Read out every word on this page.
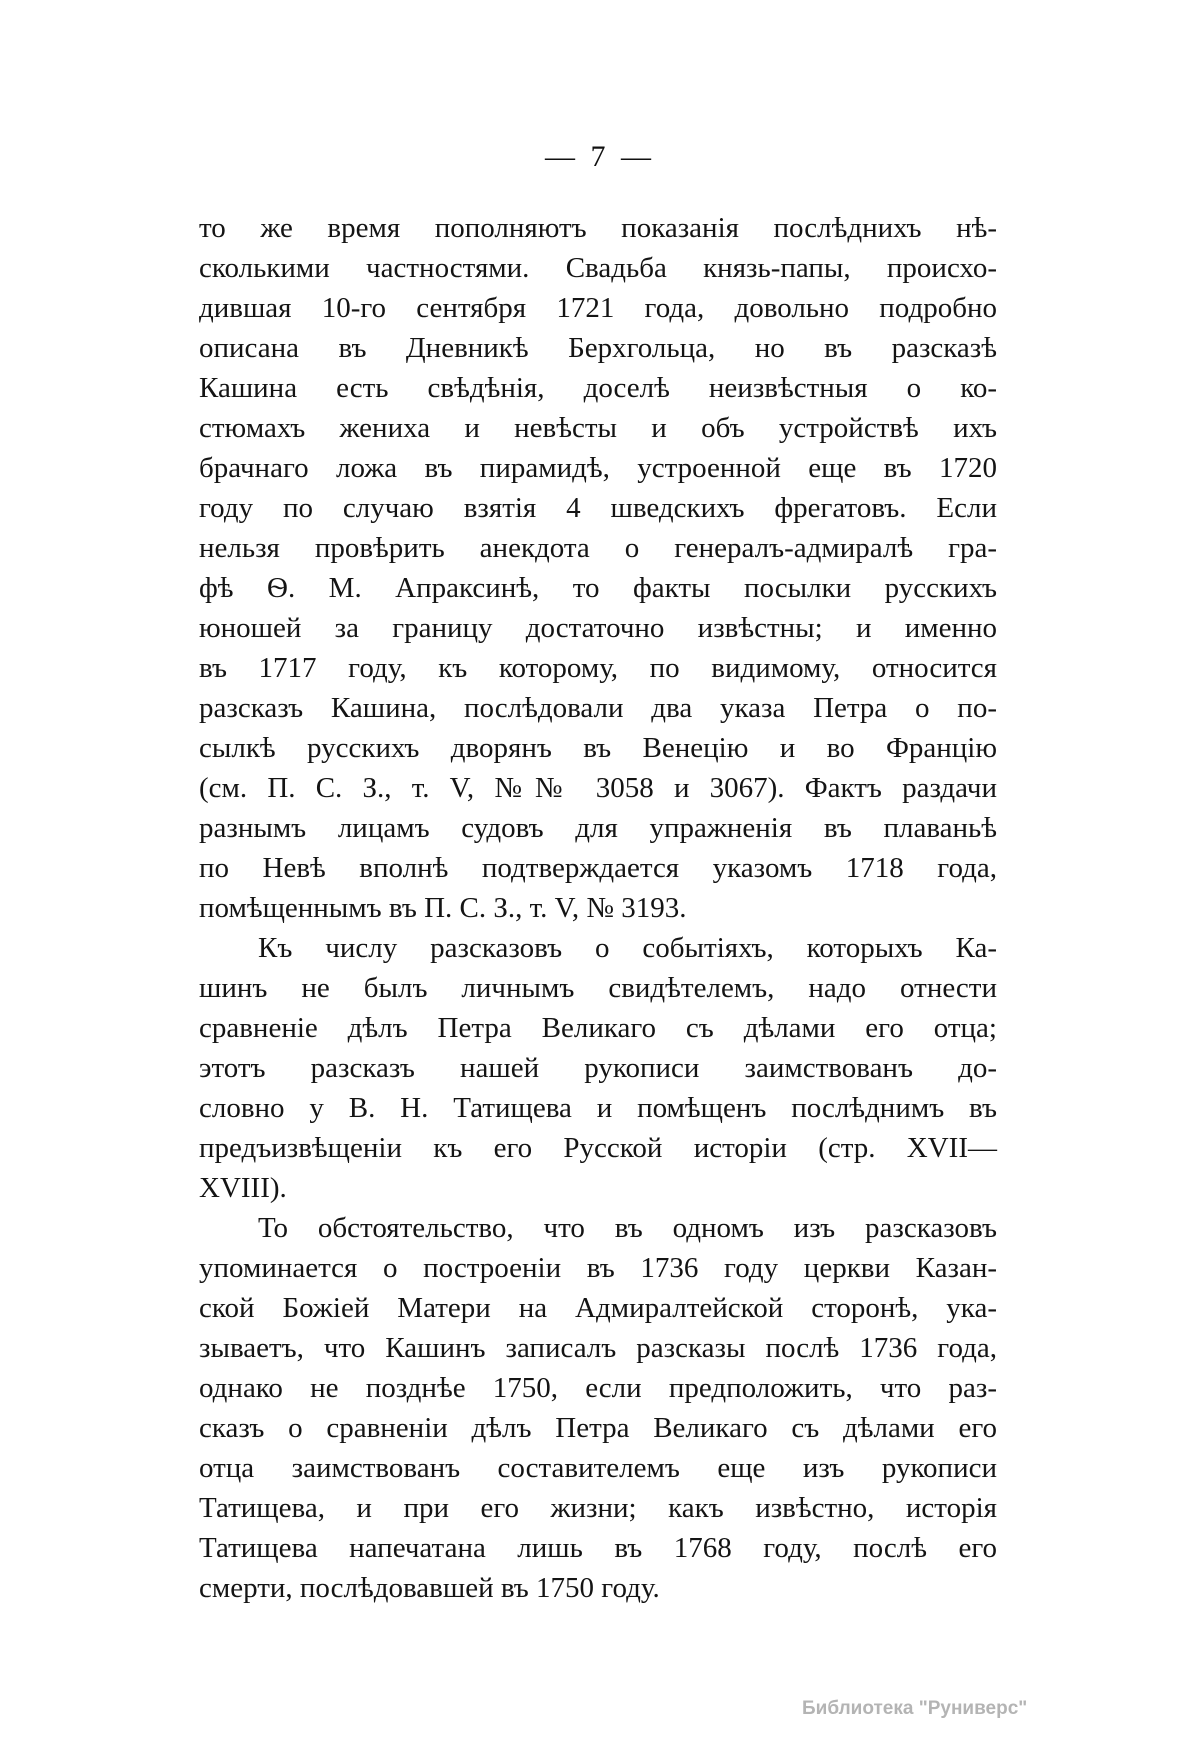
— 7 —
то же время пополняютъ показанія послѣднихъ нѣ-
сколькими частностями. Свадьба князь-папы, происхо-
дившая 10-го сентября 1721 года, довольно подробно
описана въ Дневникѣ Берхгольца, но въ разсказѣ
Кашина есть свѣдѣнія, доселѣ неизвѣстныя о ко-
стюмахъ жениха и невѣсты и объ устройствѣ ихъ
брачнаго ложа въ пирамидѣ, устроенной еще въ 1720
году по случаю взятія 4 шведскихъ фрегатовъ. Если
нельзя провѣрить анекдота о генералъ-адмиралѣ гра-
фѣ Ѳ. М. Апраксинѣ, то факты посылки русскихъ
юношей за границу достаточно извѣстны; и именно
въ 1717 году, къ которому, по видимому, относится
разсказъ Кашина, послѣдовали два указа Петра о по-
сылкѣ русскихъ дворянъ въ Венецію и во Францію
(см. П. С. З., т. V, №№ 3058 и 3067). Фактъ раздачи
разнымъ лицамъ судовъ для упражненія въ плаваньѣ
по Невѣ вполнѣ подтверждается указомъ 1718 года,
помѣщеннымъ въ П. С. З., т. V, № 3193.
Къ числу разсказовъ о событіяхъ, которыхъ Ка-
шинъ не былъ личнымъ свидѣтелемъ, надо отнести
сравненіе дѣлъ Петра Великаго съ дѣлами его отца;
этотъ разсказъ нашей рукописи заимствованъ до-
словно у В. Н. Татищева и помѣщенъ послѣднимъ въ
предъизвѣщеніи къ его Русской исторіи (стр. XVII—
XVIII).
То обстоятельство, что въ одномъ изъ разсказовъ
упоминается о построеніи въ 1736 году церкви Казан-
ской Божіей Матери на Адмиралтейской сторонѣ, ука-
зываетъ, что Кашинъ записалъ разсказы послѣ 1736 года,
однако не позднѣе 1750, если предположить, что раз-
сказъ о сравненіи дѣлъ Петра Великаго съ дѣлами его
отца заимствованъ составителемъ еще изъ рукописи
Татищева, и при его жизни; какъ извѣстно, исторія
Татищева напечатана лишь въ 1768 году, послѣ его
смерти, послѣдовавшей въ 1750 году.
Библиотека "Руниверс"
